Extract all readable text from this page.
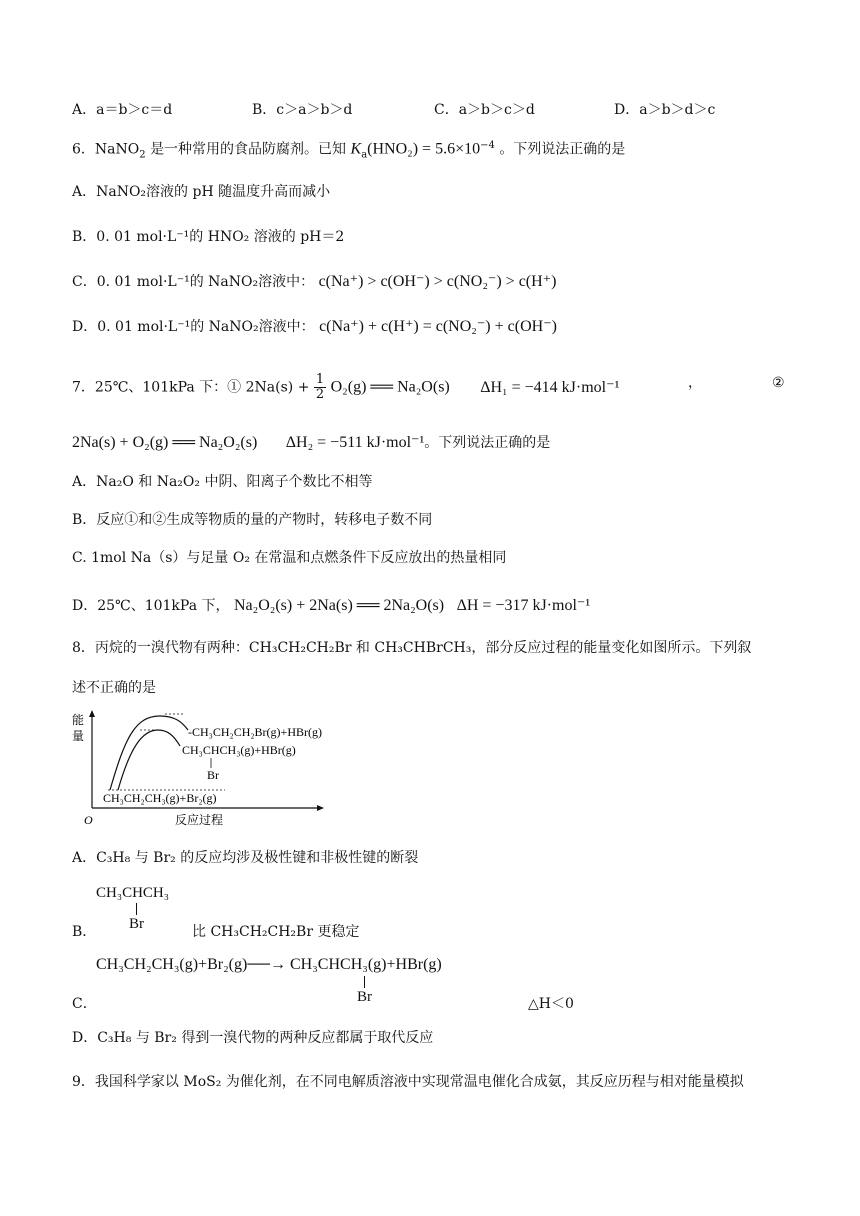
A．a＝b＞c＝d	B．c＞a＞b＞d	C．a＞b＞c＞d	D．a＞b＞d＞c
6．NaNO$_2$ 是一种常用的食品防腐剂。已知 $K_a(HNO_2) = 5.6\times 10^{-4}$ 。下列说法正确的是
A．NaNO₂溶液的 pH 随温度升高而减小
B．0. 01 mol·L⁻¹的 HNO₂ 溶液的 pH＝2
C．0. 01 mol·L⁻¹的 NaNO₂溶液中： c(Na⁺) > c(OH⁻) > c(NO₂⁻) > c(H⁺)
D．0. 01 mol·L⁻¹的 NaNO₂溶液中： c(Na⁺) + c(H⁺) = c(NO₂⁻) + c(OH⁻)
7．25℃、101kPa 下：① $2Na(s) + \frac{1}{2} O_2(g)$ ══ Na₂O(s) ΔH₁ = −414 kJ·mol⁻¹	，	②
2Na(s) + O₂(g) ══ Na₂O₂(s) ΔH₂ = −511 kJ·mol⁻¹。下列说法正确的是
A．Na₂O 和 Na₂O₂ 中阴、阳离子个数比不相等
B．反应①和②生成等物质的量的产物时，转移电子数不同
C. 1mol Na（s）与足量 O₂ 在常温和点燃条件下反应放出的热量相同
D．25℃、101kPa 下， Na₂O₂(s) + 2Na(s) ══ 2Na₂O(s) ΔH = −317 kJ·mol⁻¹
8．丙烷的一溴代物有两种：CH₃CH₂CH₂Br 和 CH₃CHBrCH₃，部分反应过程的能量变化如图所示。下列叙
述不正确的是
能
量
O	反应过程
-CH₃CH₂CH₂Br(g)+HBr(g)
CH₃CHCH₃(g)+HBr(g)
Br
CH₃CH₂CH₃(g)+Br₂(g)
A．C₃H₈ 与 Br₂ 的反应均涉及极性键和非极性键的断裂
CH₃CHCH₃
Br
B．	比 CH₃CH₂CH₂Br 更稳定
CH₃CH₂CH₃(g)+Br₂(g)──→ CH₃CHCH₃(g)+HBr(g)
Br
C．	△H＜0
D．C₃H₈ 与 Br₂ 得到一溴代物的两种反应都属于取代反应
9．我国科学家以 MoS₂ 为催化剂，在不同电解质溶液中实现常温电催化合成氨，其反应历程与相对能量模拟
